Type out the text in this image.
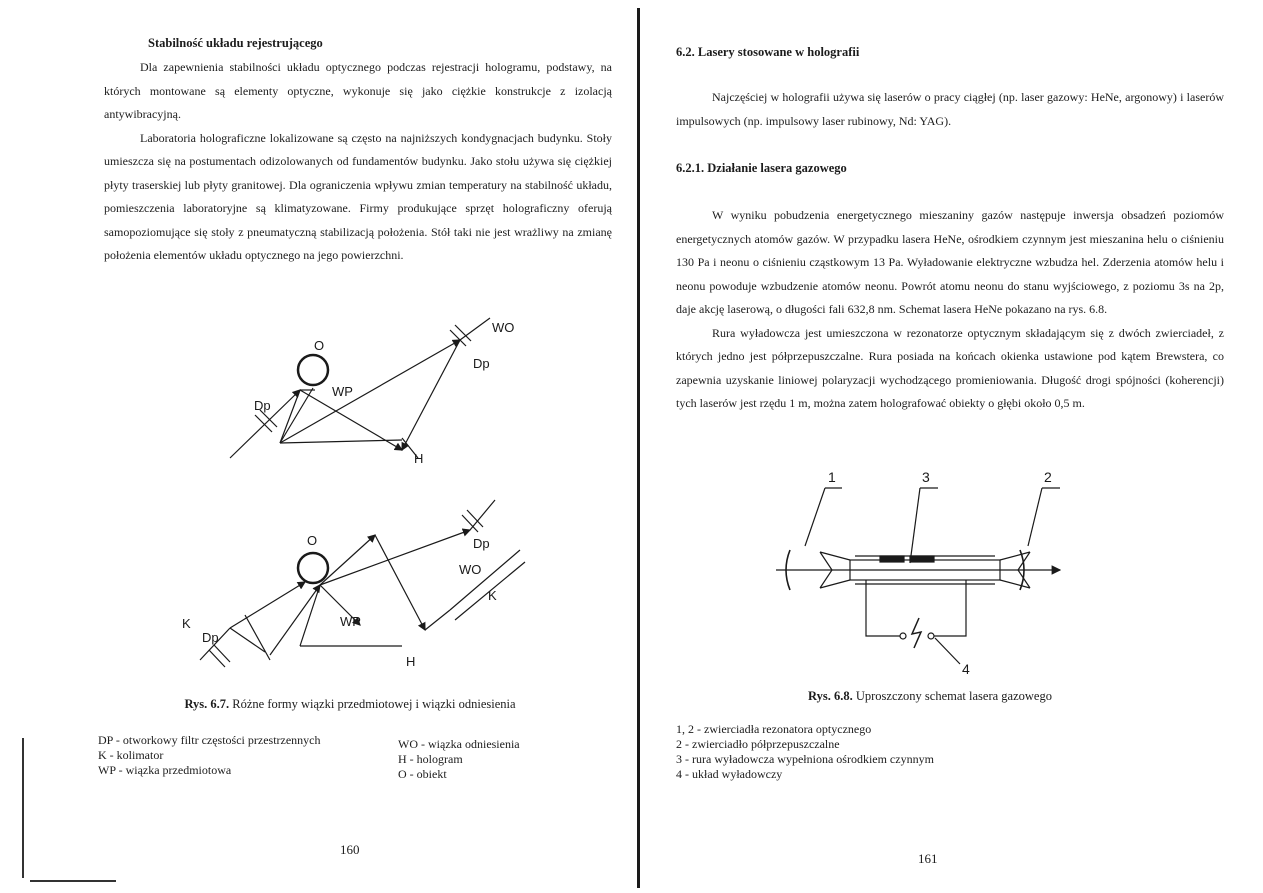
Stabilność układu rejestrującego

Dla zapewnienia stabilności układu optycznego podczas rejestracji hologramu, podstawy, na których montowane są elementy optyczne, wykonuje się jako ciężkie konstrukcje z izolacją antywibracyjną.

Laboratoria holograficzne lokalizowane są często na najniższych kondygnacjach budynku. Stoły umieszcza się na postumentach odizolowanych od fundamentów budynku. Jako stołu używa się ciężkiej płyty traserskiej lub płyty granitowej. Dla ograniczenia wpływu zmian temperatury na stabilność układu, pomieszczenia laboratoryjne są klimatyzowane. Firmy produkujące sprzęt holograficzny oferują samopoziomujące się stoły z pneumatyczną stabilizacją położenia. Stół taki nie jest wrażliwy na zmianę położenia elementów układu optycznego na jego powierzchni.

O
WO
Dp
WP
Dp
H
O	Dp
WO
K
K
Dp
WP
H
Rys. 6.7. Różne formy wiązki przedmiotowej i wiązki odniesienia
DP - otworkowy filtr częstości przestrzennych
K - kolimator
WP - wiązka przedmiotowa
WO - wiązka odniesienia
H - hologram
O - obiekt
160
6.2. Lasery stosowane w holografii

Najczęściej w holografii używa się laserów o pracy ciągłej (np. laser gazowy: HeNe, argonowy) i laserów impulsowych (np. impulsowy laser rubinowy, Nd: YAG).

6.2.1. Działanie lasera gazowego

W wyniku pobudzenia energetycznego mieszaniny gazów następuje inwersja obsadzeń poziomów energetycznych atomów gazów. W przypadku lasera HeNe, ośrodkiem czynnym jest mieszanina helu o ciśnieniu 130 Pa i neonu o ciśnieniu cząstkowym 13 Pa. Wyładowanie elektryczne wzbudza hel. Zderzenia atomów helu i neonu powoduje wzbudzenie atomów neonu. Powrót atomu neonu do stanu wyjściowego, z poziomu 3s na 2p, daje akcję laserową, o długości fali 632,8 nm. Schemat lasera HeNe pokazano na rys. 6.8.

Rura wyładowcza jest umieszczona w rezonatorze optycznym składającym się z dwóch zwierciadeł, z których jedno jest półprzepuszczalne. Rura posiada na końcach okienka ustawione pod kątem Brewstera, co zapewnia uzyskanie liniowej polaryzacji wychodzącego promieniowania. Długość drogi spójności (koherencji) tych laserów jest rzędu 1 m, można zatem holografować obiekty o głębi około 0,5 m.

1	3	2
4
Rys. 6.8. Uproszczony schemat lasera gazowego
1, 2 - zwierciadła rezonatora optycznego
2 - zwierciadło półprzepuszczalne
3 - rura wyładowcza wypełniona ośrodkiem czynnym
4 - układ wyładowczy
161
